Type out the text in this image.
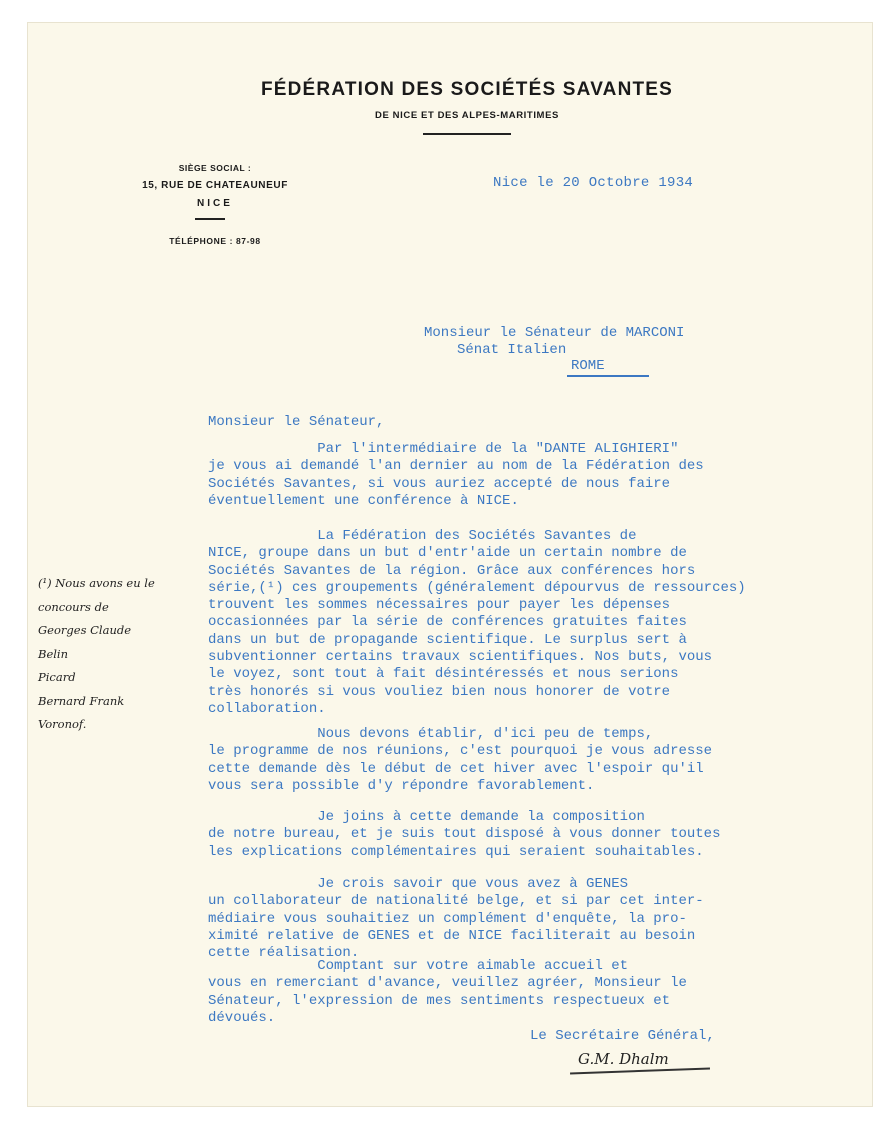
FÉDÉRATION DES SOCIÉTÉS SAVANTES
DE NICE ET DES ALPES-MARITIMES
SIÈGE SOCIAL :
15, RUE DE CHATEAUNEUF
NICE
TÉLÉPHONE : 87-98
Nice le 20 Octobre 1934
Monsieur le Sénateur de MARCONI
Sénat Italien
ROME
Monsieur le Sénateur,
Par l'intermédiaire de la "DANTE ALIGHIERI"
je vous ai demandé l'an dernier au nom de la Fédération des
Sociétés Savantes, si vous auriez accepté de nous faire
éventuellement une conférence à NICE.
La Fédération des Sociétés Savantes de
NICE, groupe dans un but d'entr'aide un certain nombre de
Sociétés Savantes de la région. Grâce aux conférences hors
série,(¹) ces groupements (généralement dépourvus de ressources)
trouvent les sommes nécessaires pour payer les dépenses
occasionnées par la série de conférences gratuites faites
dans un but de propagande scientifique. Le surplus sert à
subventionner certains travaux scientifiques. Nos buts, vous
le voyez, sont tout à fait désintéressés et nous serions
très honorés si vous vouliez bien nous honorer de votre
collaboration.
Nous devons établir, d'ici peu de temps,
le programme de nos réunions, c'est pourquoi je vous adresse
cette demande dès le début de cet hiver avec l'espoir qu'il
vous sera possible d'y répondre favorablement.
Je joins à cette demande la composition
de notre bureau, et je suis tout disposé à vous donner toutes
les explications complémentaires qui seraient souhaitables.
Je crois savoir que vous avez à GENES
un collaborateur de nationalité belge, et si par cet inter-
médiaire vous souhaitiez un complément d'enquête, la pro-
ximité relative de GENES et de NICE faciliterait au besoin
cette réalisation.
Comptant sur votre aimable accueil et
vous en remerciant d'avance, veuillez agréer, Monsieur le
Sénateur, l'expression de mes sentiments respectueux et
dévoués.
Le Secrétaire Général,
G.M. Dhalm
(¹) Nous avons eu le
concours de
Georges Claude
Belin
Picard
Bernard Frank
Voronof.
